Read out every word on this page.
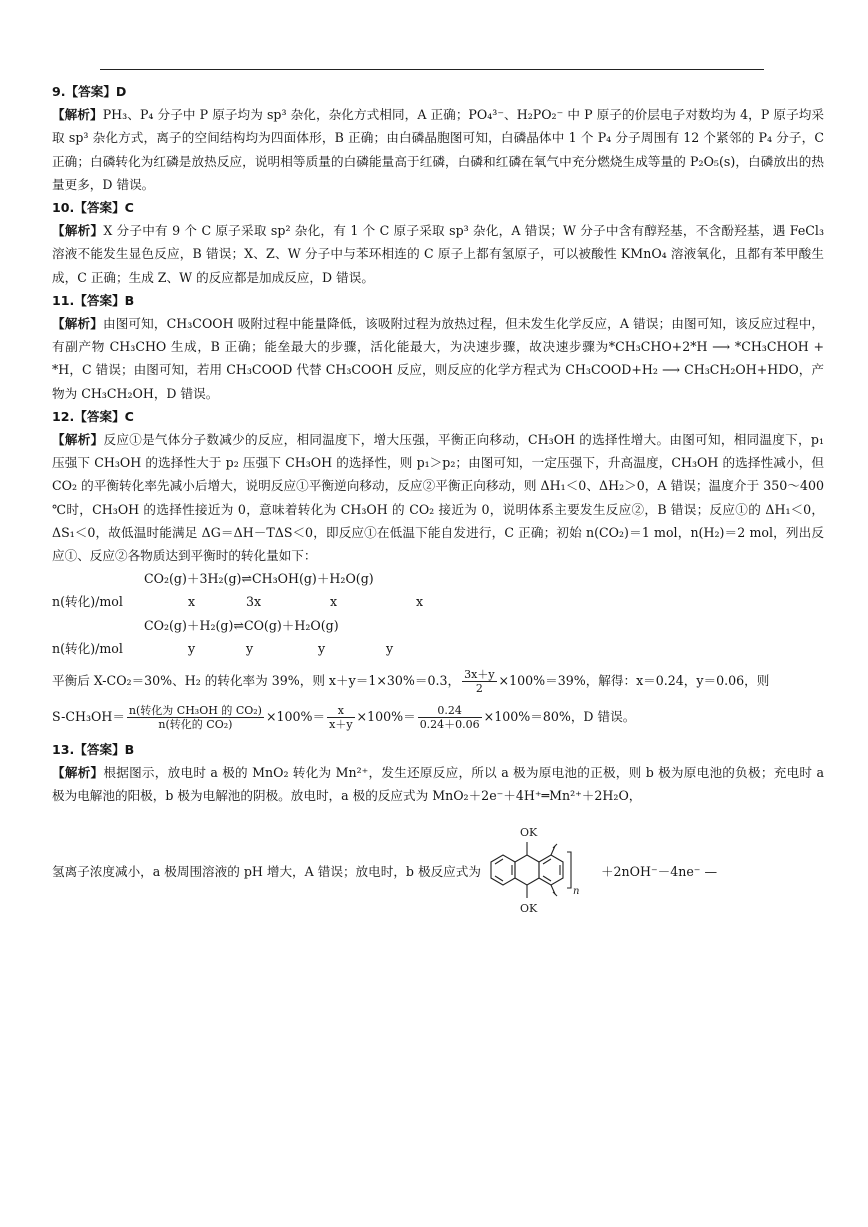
9.【答案】D
【解析】PH₃、P₄ 分子中 P 原子均为 sp³ 杂化，杂化方式相同，A 正确；PO₄³⁻、H₂PO₂⁻ 中 P 原子的价层电子对数均为 4，P 原子均采取 sp³ 杂化方式，离子的空间结构均为四面体形，B 正确；由白磷晶胞图可知，白磷晶体中 1 个 P₄ 分子周围有 12 个紧邻的 P₄ 分子，C 正确；白磷转化为红磷是放热反应，说明相等质量的白磷能量高于红磷，白磷和红磷在氧气中充分燃烧生成等量的 P₂O₅(s)，白磷放出的热量更多，D 错误。
10.【答案】C
【解析】X 分子中有 9 个 C 原子采取 sp² 杂化，有 1 个 C 原子采取 sp³ 杂化，A 错误；W 分子中含有醇羟基，不含酚羟基，遇 FeCl₃ 溶液不能发生显色反应，B 错误；X、Z、W 分子中与苯环相连的 C 原子上都有氢原子，可以被酸性 KMnO₄ 溶液氧化，且都有苯甲酸生成，C 正确；生成 Z、W 的反应都是加成反应，D 错误。
11.【答案】B
【解析】由图可知，CH₃COOH 吸附过程中能量降低，该吸附过程为放热过程，但未发生化学反应，A 错误；由图可知，该反应过程中，有副产物 CH₃CHO 生成，B 正确；能垒最大的步骤，活化能最大，为决速步骤，故决速步骤为*CH₃CHO+2*H ⟶ *CH₃CHOH + *H，C 错误；由图可知，若用 CH₃COOD 代替 CH₃COOH 反应，则反应的化学方程式为 CH₃COOD+H₂ ⟶ CH₃CH₂OH+HDO，产物为 CH₃CH₂OH，D 错误。
12.【答案】C
【解析】反应①是气体分子数减少的反应，相同温度下，增大压强，平衡正向移动，CH₃OH 的选择性增大。由图可知，相同温度下，p₁ 压强下 CH₃OH 的选择性大于 p₂ 压强下 CH₃OH 的选择性，则 p₁＞p₂；由图可知，一定压强下，升高温度，CH₃OH 的选择性减小，但 CO₂ 的平衡转化率先减小后增大，说明反应①平衡逆向移动，反应②平衡正向移动，则 ΔH₁＜0、ΔH₂＞0，A 错误；温度介于 350～400 ℃时，CH₃OH 的选择性接近为 0，意味着转化为 CH₃OH 的 CO₂ 接近为 0，说明体系主要发生反应②，B 错误；反应①的 ΔH₁＜0，ΔS₁＜0，故低温时能满足 ΔG＝ΔH－TΔS＜0，即反应①在低温下能自发进行，C 正确；初始 n(CO₂)＝1 mol，n(H₂)＝2 mol，列出反应①、反应②各物质达到平衡时的转化量如下：
CO₂(g)＋3H₂(g)⇌CH₃OH(g)＋H₂O(g)
n(转化)/mol	x	3x	x	x
CO₂(g)＋H₂(g)⇌CO(g)＋H₂O(g)
n(转化)/mol	y	y	y	y
平衡后 X-CO₂＝30%、H₂ 的转化率为 39%，则 x＋y＝1×30%＝0.3， $\frac{3x+y}{2} \times 100\%=39\%$，解得：x＝0.24，y＝0.06，则
$S-CH_3OH= \frac{\text{n(转化为 CH₃OH 的 CO₂)}}{\text{n(转化的 CO₂)}} \times 100\%= \frac{x}{x+y} \times 100\%= \frac{0.24}{0.24+0.06} \times 100\%=80\%$，D 错误。
13.【答案】B
【解析】根据图示，放电时 a 极的 MnO₂ 转化为 Mn²⁺，发生还原反应，所以 a 极为原电池的正极，则 b 极为原电池的负极；充电时 a 极为电解池的阳极，b 极为电解池的阴极。放电时，a 极的反应式为 MnO₂＋2e⁻＋4H⁺═Mn²⁺＋2H₂O，
氢离子浓度减小，a 极周围溶液的 pH 增大，A 错误；放电时，b 极反应式为
OK
OK
n
＋2nOH⁻－4ne⁻ —
